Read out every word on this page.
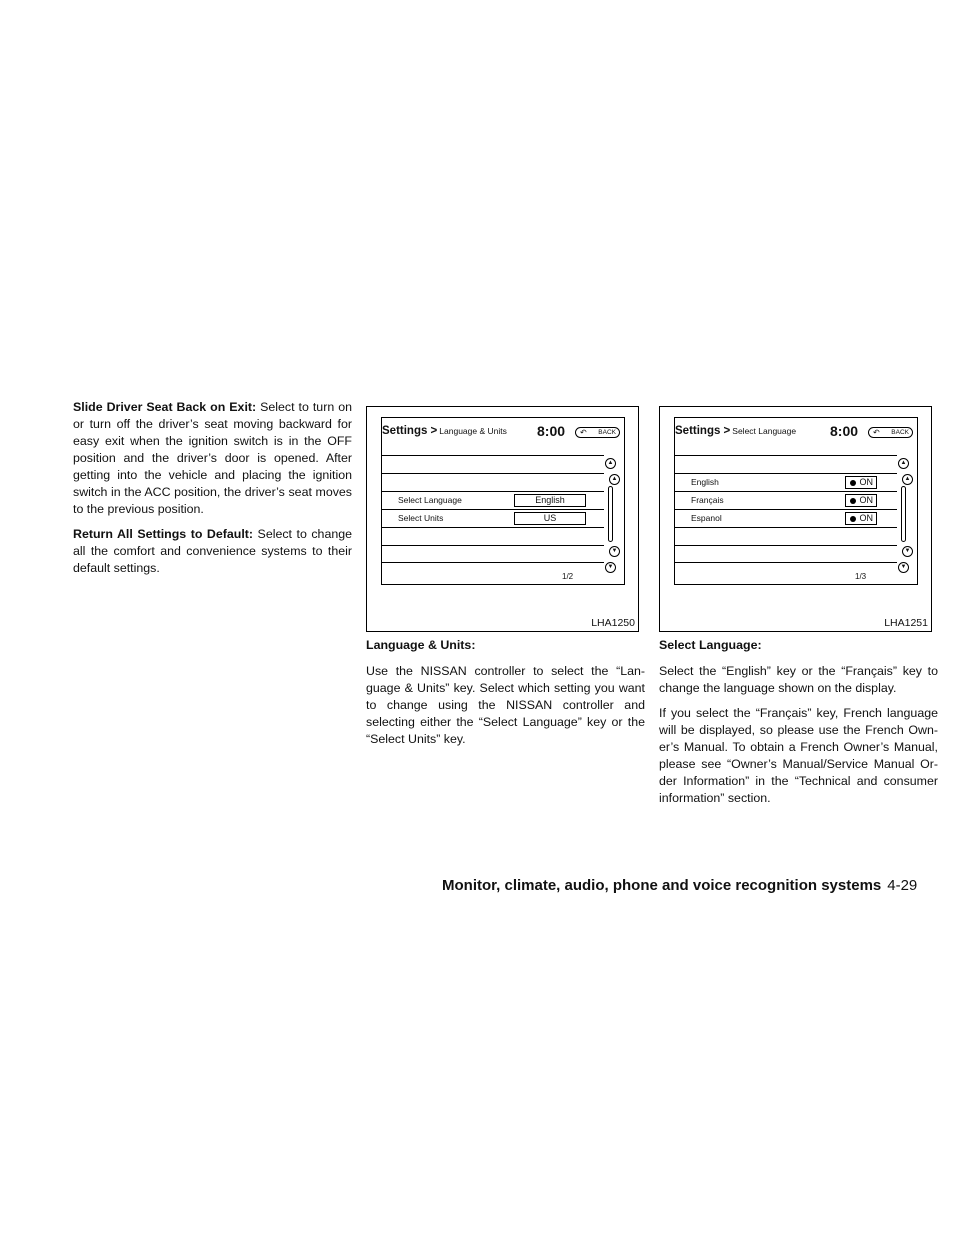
Slide Driver Seat Back on Exit: Select to turn on or turn off the driver’s seat moving backward for easy exit when the ignition switch is in the OFF position and the driver’s door is opened. After getting into the vehicle and placing the ignition switch in the ACC position, the driver’s seat moves to the previous position.

Return All Settings to Default: Select to change all the comfort and convenience systems to their default settings.

Settings > Language & Units 8:00 ↶ BACK
Select Language	English
Select Units	US
▲
▲
▼
▼
1/2
LHA1250
Settings > Select Language 8:00 ↶ BACK
English	ON
Français	ON
Espanol	ON
▲
▲
▼
▼
1/3
LHA1251
Language & Units:

Use the NISSAN controller to select the “Lan-guage & Units” key. Select which setting you want to change using the NISSAN controller and selecting either the “Select Language” key or the “Select Units” key.

Select Language:

Select the “English” key or the “Français” key to change the language shown on the display.

If you select the “Français” key, French language will be displayed, so please use the French Own-er’s Manual. To obtain a French Owner’s Manual, please see “Owner’s Manual/Service Manual Or-der Information” in the “Technical and consumer information” section.

Monitor, climate, audio, phone and voice recognition systems 4-29
